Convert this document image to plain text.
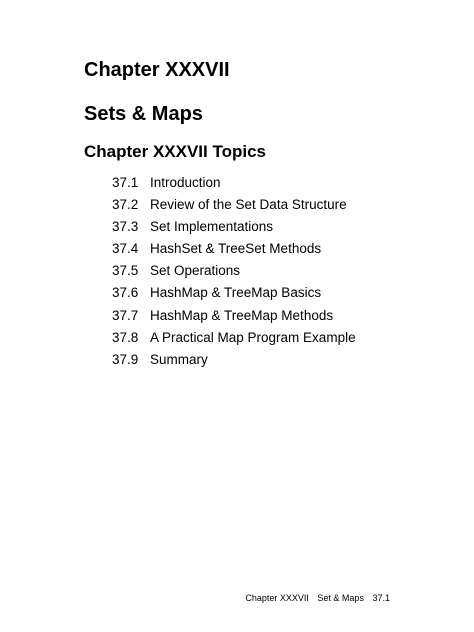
Chapter XXXVII
Sets & Maps
Chapter XXXVII Topics
37.1 Introduction
37.2 Review of the Set Data Structure
37.3 Set Implementations
37.4 HashSet & TreeSet Methods
37.5 Set Operations
37.6 HashMap & TreeMap Basics
37.7 HashMap & TreeMap Methods
37.8 A Practical Map Program Example
37.9 Summary
Chapter XXXVII Set & Maps 37.1
